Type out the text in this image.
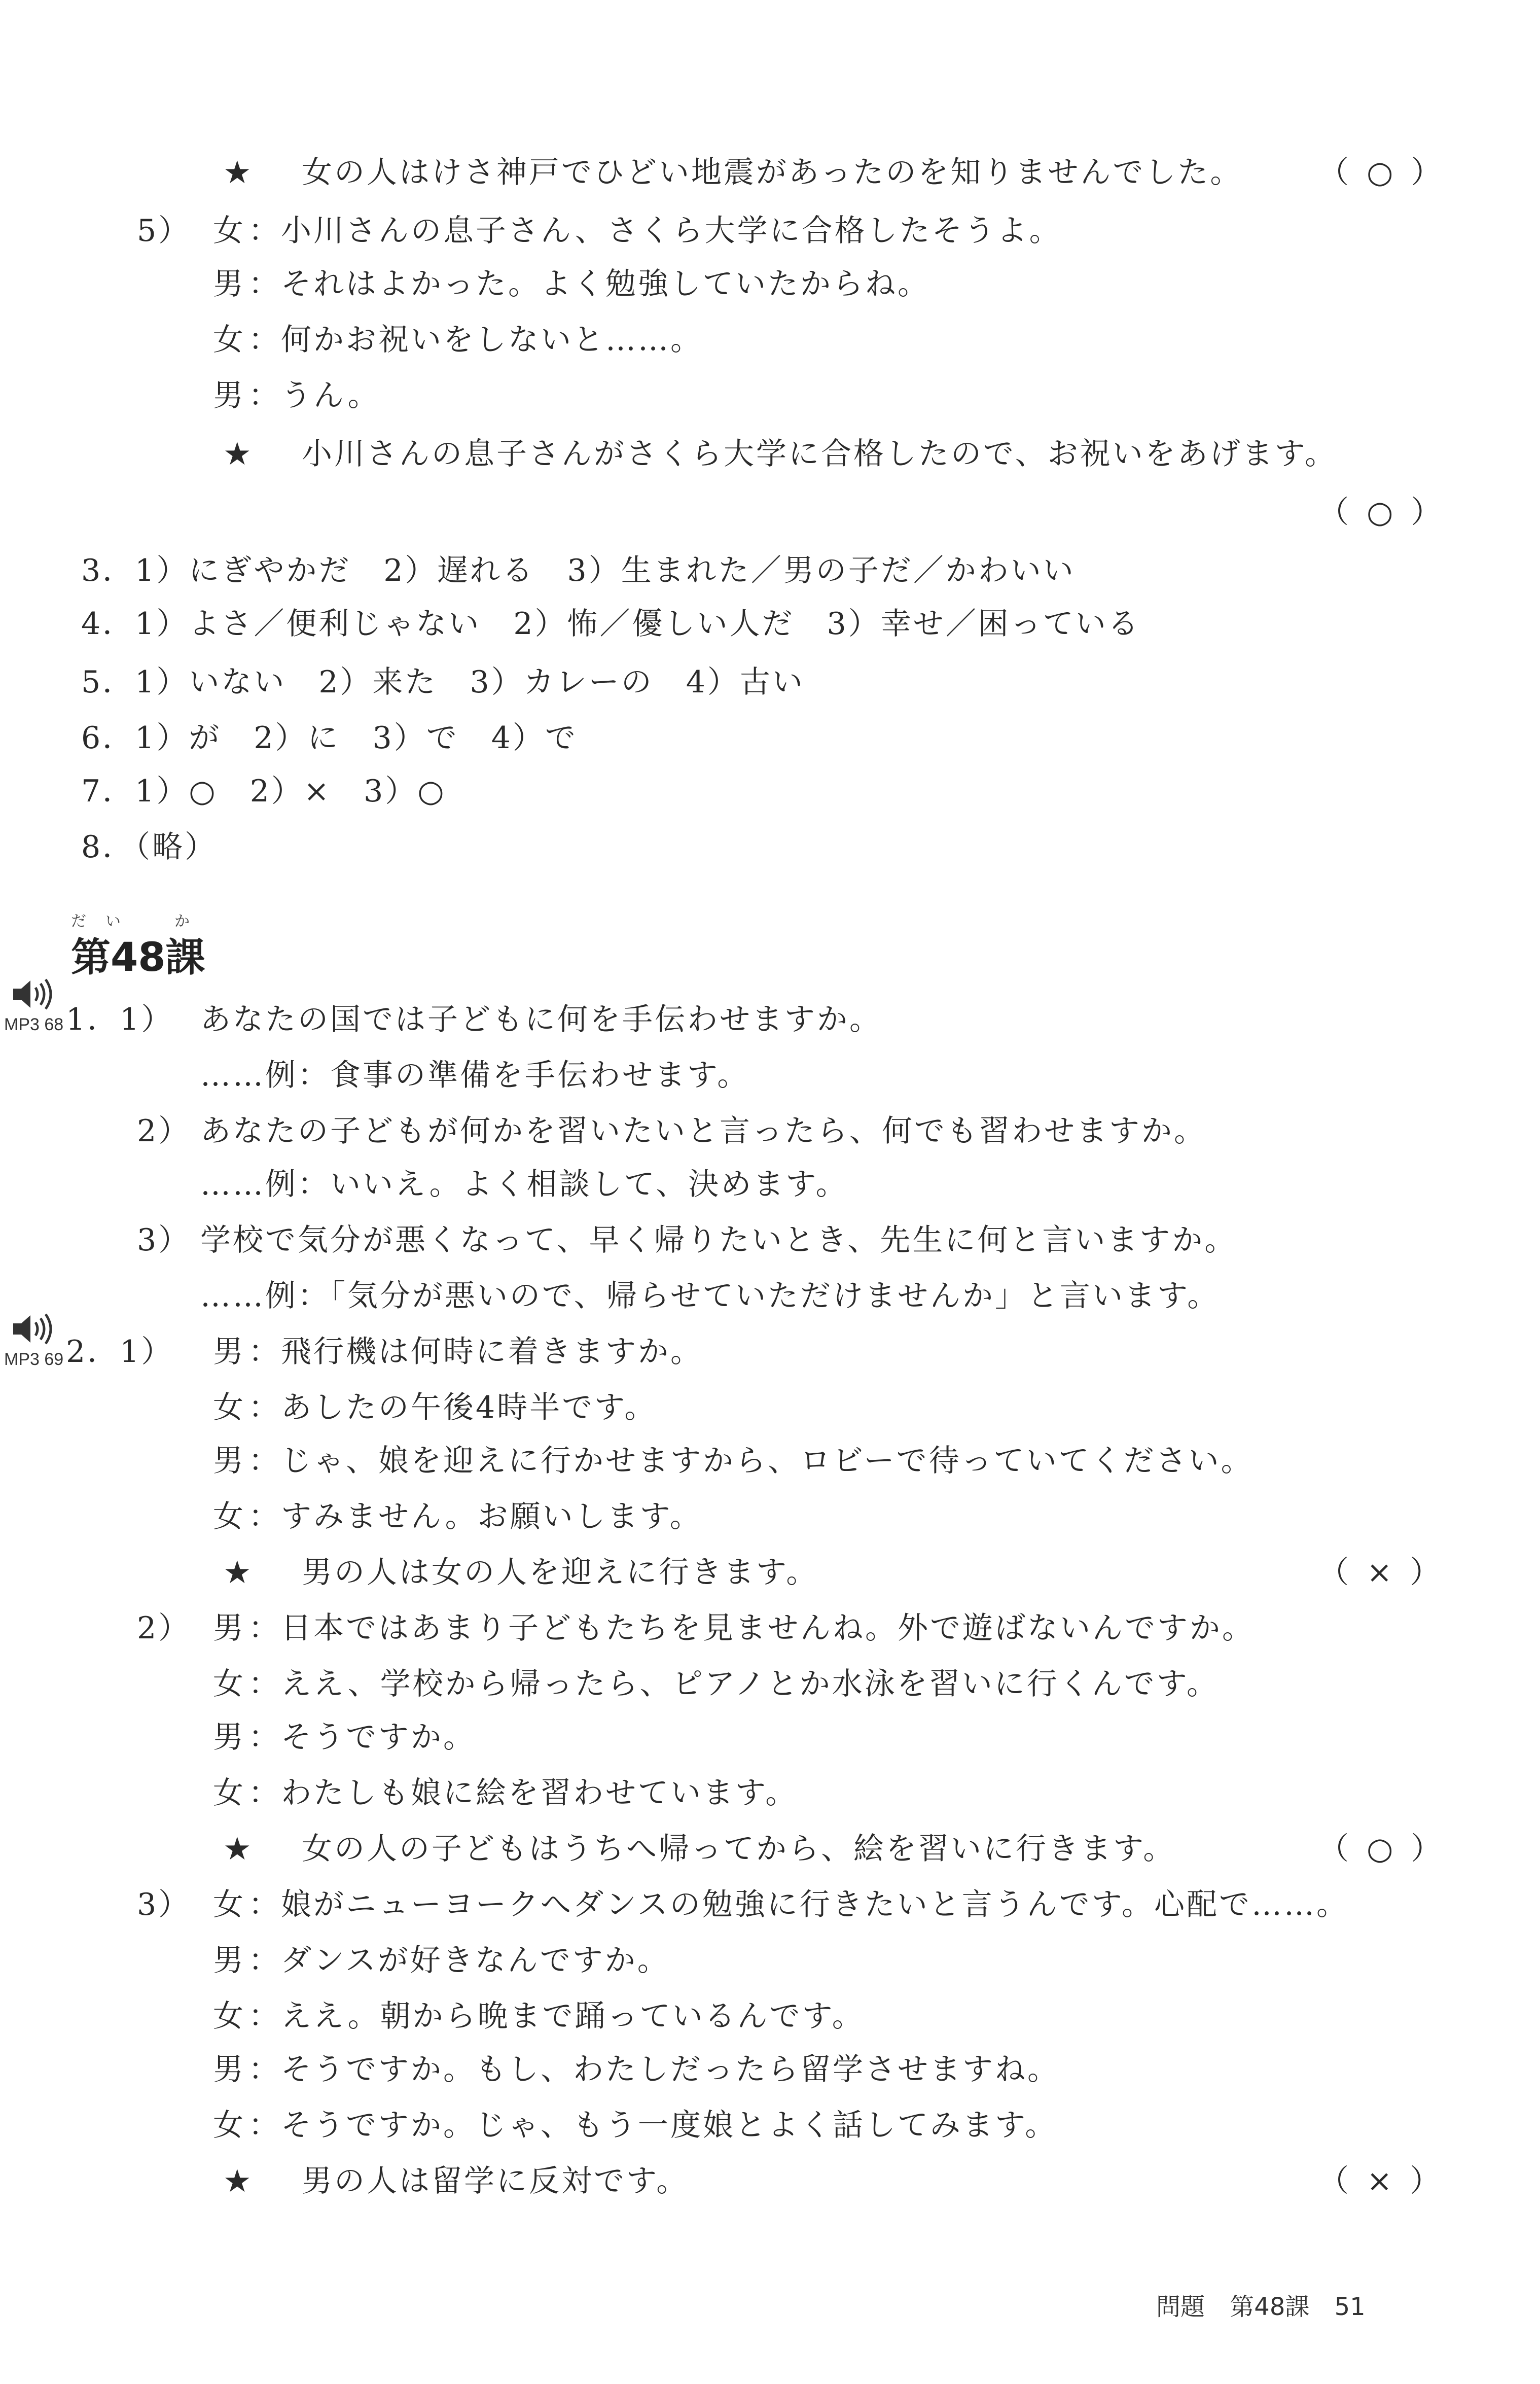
★ 女の人はけさ神戸でひどい地震があったのを知りませんでした。 （ ○ ）
5） 女 ：小川さんの息子さん、さくら大学に合格したそうよ。
男 ：それはよかった。よく勉強していたからね。
女 ：何かお祝いをしないと……。
男 ：うん。
★ 小川さんの息子さんがさくら大学に合格したので、お祝いをあげます。
（ ○ ）
3．1）にぎやかだ　2）遅れる　3）生まれた／男の子だ／かわいい
4．1）よさ／便利じゃない　2）怖／優しい人だ　3）幸せ／困っている
5．1）いない　2）来た　3）カレーの　4）古い
6．1）が　2）に　3）で　4）で
7．1）○　2）×　3）○
8．（略）
だい　か
第48課
MP3 68 1．1） あなたの国では子どもに何を手伝わせますか。
……例：食事の準備を手伝わせます。
2） あなたの子どもが何かを習いたいと言ったら、何でも習わせますか。
……例：いいえ。よく相談して、決めます。
3） 学校で気分が悪くなって、早く帰りたいとき、先生に何と言いますか。
……例：「気分が悪いので、帰らせていただけませんか」と言います。
MP3 69 2．1） 男 ：飛行機は何時に着きますか。
女 ：あしたの午後4時半です。
男 ：じゃ、娘を迎えに行かせますから、ロビーで待っていてください。
女 ：すみません。お願いします。
★ 男の人は女の人を迎えに行きます。	（ × ）
2） 男 ：日本ではあまり子どもたちを見ませんね。外で遊ばないんですか。
女 ：ええ、学校から帰ったら、ピアノとか水泳を習いに行くんです。
男 ：そうですか。
女 ：わたしも娘に絵を習わせています。
★ 女の人の子どもはうちへ帰ってから、絵を習いに行きます。	（ ○ ）
3） 女 ：娘がニューヨークへダンスの勉強に行きたいと言うんです。心配で……。
男 ：ダンスが好きなんですか。
女 ：ええ。朝から晩まで踊っているんです。
男 ：そうですか。もし、わたしだったら留学させますね。
女 ：そうですか。じゃ、もう一度娘とよく話してみます。
★ 男の人は留学に反対です。	（ × ）
問題 第48課 51
